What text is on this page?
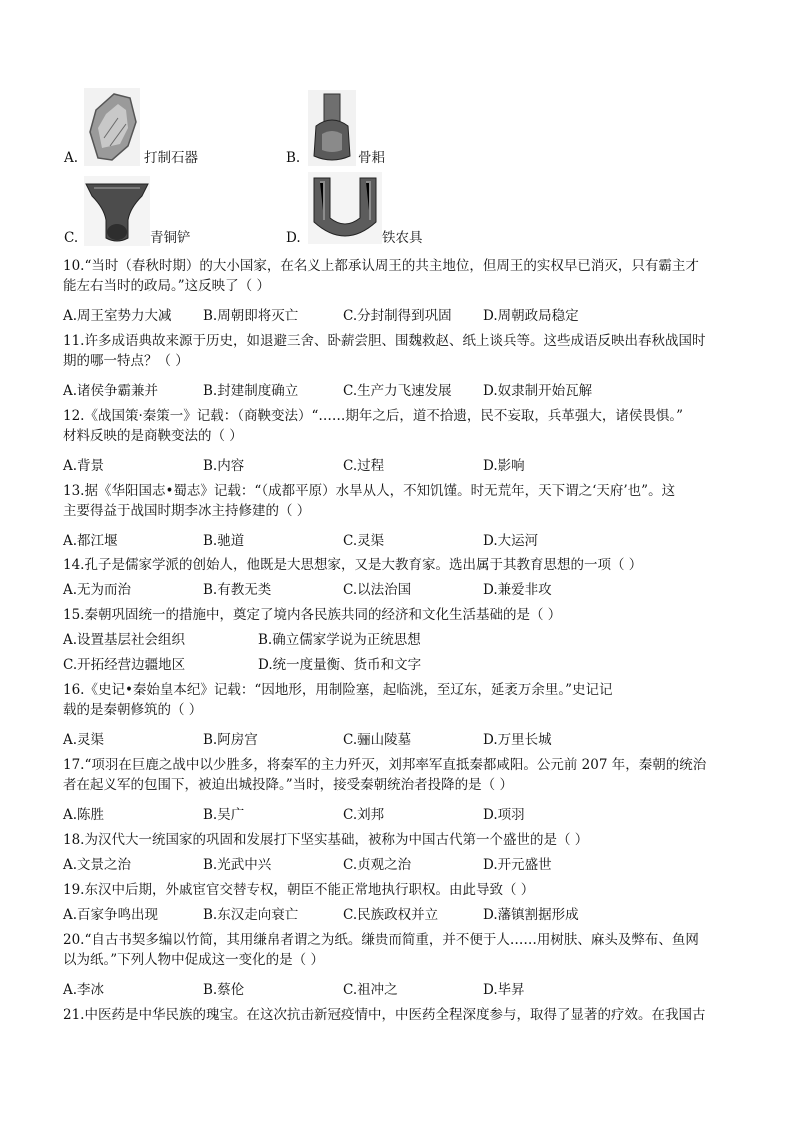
A.	打制石器	B.	骨耜
C.	青铜铲	D.	铁农具
10.“当时（春秋时期）的大小国家，在名义上都承认周王的共主地位，但周王的实权早已消灭，只有霸主才
能左右当时的政局。”这反映了（ ）
A.周王室势力大减 B.周朝即将灭亡	C.分封制得到巩固 D.周朝政局稳定
11.许多成语典故来源于历史，如退避三舍、卧薪尝胆、围魏救赵、纸上谈兵等。这些成语反映出春秋战国时
期的哪一特点？（ ）
A.诸侯争霸兼并	B.封建制度确立	C.生产力飞速发展 D.奴隶制开始瓦解
12.《战国策·秦策一》记载：（商鞅变法）“……期年之后，道不拾遗，民不妄取，兵革强大，诸侯畏惧。”
材料反映的是商鞅变法的（ ）
A.背景	B.内容	C.过程	D.影响
13.据《华阳国志•蜀志》记载：“（成都平原）水旱从人，不知饥馑。时无荒年，天下谓之‘天府’也”。这
主要得益于战国时期李冰主持修建的（ ）
A.都江堰	B.驰道	C.灵渠	D.大运河
14.孔子是儒家学派的创始人，他既是大思想家，又是大教育家。选出属于其教育思想的一项（ ）
A.无为而治	B.有教无类	C.以法治国	D.兼爱非攻
15.秦朝巩固统一的措施中，奠定了境内各民族共同的经济和文化生活基础的是（ ）
A.设置基层社会组织	B.确立儒家学说为正统思想
C.开拓经营边疆地区	D.统一度量衡、货币和文字
16.《史记•秦始皇本纪》记载：“因地形，用制险塞，起临洮，至辽东，延袤万余里。”史记记
载的是秦朝修筑的（ ）
A.灵渠	B.阿房宫	C.骊山陵墓	D.万里长城
17.“项羽在巨鹿之战中以少胜多，将秦军的主力歼灭，刘邦率军直抵秦都咸阳。公元前 207 年，秦朝的统治
者在起义军的包围下，被迫出城投降。”当时，接受秦朝统治者投降的是（ ）
A.陈胜	B.吴广	C.刘邦	D.项羽
18.为汉代大一统国家的巩固和发展打下坚实基础，被称为中国古代第一个盛世的是（ ）
A.文景之治	B.光武中兴	C.贞观之治	D.开元盛世
19.东汉中后期，外戚宦官交替专权，朝臣不能正常地执行职权。由此导致（ ）
A.百家争鸣出现	B.东汉走向衰亡	C.民族政权并立	D.藩镇割据形成
20.“自古书契多编以竹简，其用缣帛者谓之为纸。缣贵而简重，并不便于人……用树肤、麻头及弊布、鱼网
以为纸。”下列人物中促成这一变化的是（ ）
A.李冰	B.蔡伦	C.祖冲之	D.毕昇
21.中医药是中华民族的瑰宝。在这次抗击新冠疫情中，中医药全程深度参与，取得了显著的疗效。在我国古
